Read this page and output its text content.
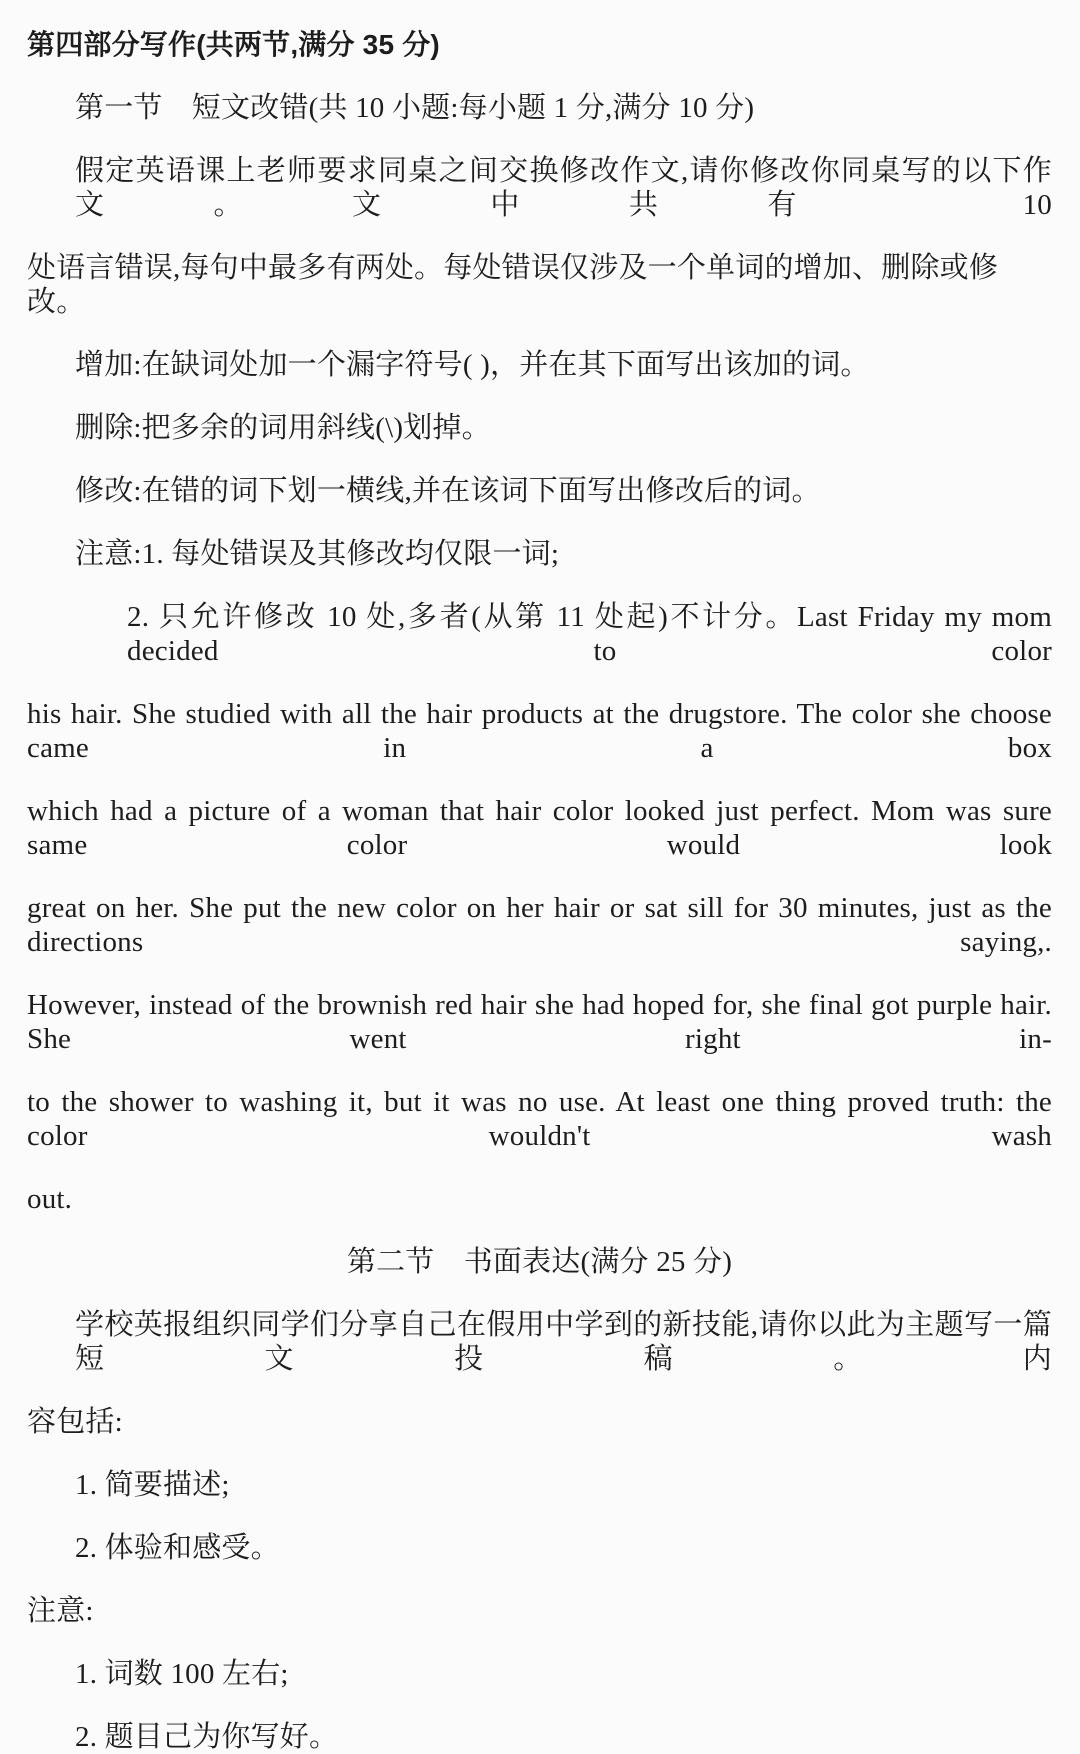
第四部分写作(共两节,满分 35 分)
第一节　短文改错(共 10 小题:每小题 1 分,满分 10 分)
假定英语课上老师要求同桌之间交换修改作文,请你修改你同桌写的以下作文。文中共有 10
处语言错误,每句中最多有两处。每处错误仅涉及一个单词的增加、删除或修改。
增加:在缺词处加一个漏字符号( )，并在其下面写出该加的词。
删除:把多余的词用斜线(\)划掉。
修改:在错的词下划一横线,并在该词下面写出修改后的词。
注意:1. 每处错误及其修改均仅限一词;
2. 只允许修改 10 处,多者(从第 11 处起)不计分。Last Friday my mom decided to color
his hair. She studied with all the hair products at the drugstore. The color she choose came in a box
which had a picture of a woman that hair color looked just perfect. Mom was sure same color would look
great on her. She put the new color on her hair or sat sill for 30 minutes, just as the directions saying,.
However, instead of the brownish red hair she had hoped for, she final got purple hair. She went right in-
to the shower to washing it, but it was no use. At least one thing proved truth: the color wouldn't wash
out.
第二节　书面表达(满分 25 分)
学校英报组织同学们分享自己在假用中学到的新技能,请你以此为主题写一篇短文投稿。内
容包括:
1. 简要描述;
2. 体验和感受。
注意:
1. 词数 100 左右;
2. 题目己为你写好。
